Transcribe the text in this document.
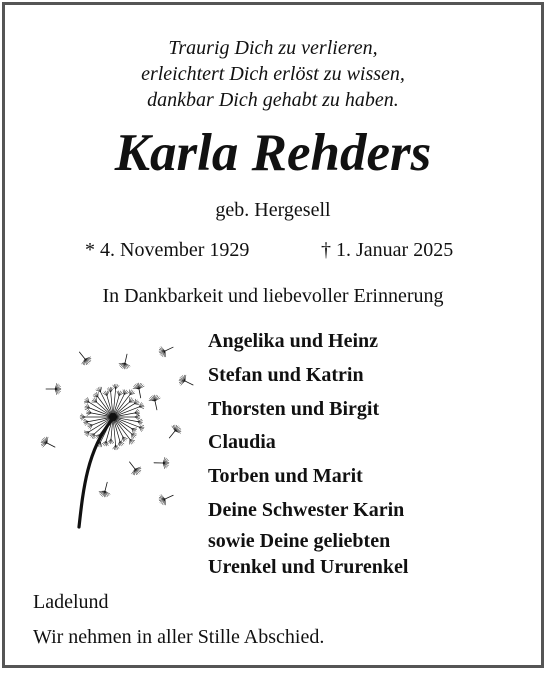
Traurig Dich zu verlieren,
erleichtert Dich erlöst zu wissen,
dankbar Dich gehabt zu haben.
Karla Rehders
geb. Hergesell
* 4. November 1929	† 1. Januar 2025
In Dankbarkeit und liebevoller Erinnerung
Angelika und Heinz
Stefan und Katrin
Thorsten und Birgit
Claudia
Torben und Marit
Deine Schwester Karin
sowie Deine geliebten
Urenkel und Ururenkel
Ladelund
Wir nehmen in aller Stille Abschied.
